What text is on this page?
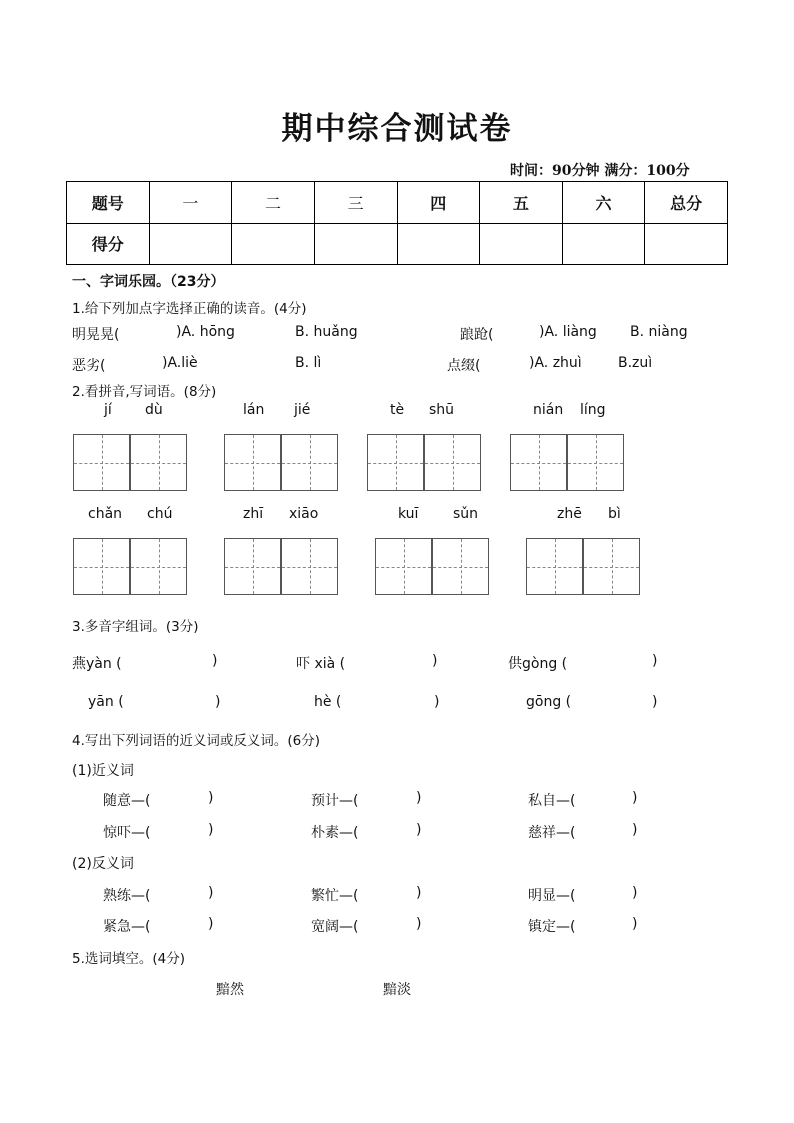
期中综合测试卷
时间：90分钟 满分：100分
题号	一	二	三	四	五	六	总分
得分							
一、字词乐园。（23分）
1.给下列加点字选择正确的读音。(4分)
明晃晃(	)A. hōng	B. huǎng	踉跄(	)A. liàng B. niàng
恶劣(	)A.liè	B. lì	点缀(	)A. zhuì	B.zuì
2.看拼音,写词语。(8分)
jí dù	lán jié	tè shū	nián líng
chǎn chú	zhī xiāo	kuī sǔn	zhē bì
3.多音字组词。(3分)
燕yàn (	)	吓 xià (	)	供gòng (	)
yān (	)	hè (	)	gōng (	)
4.写出下列词语的近义词或反义词。(6分)
(1)近义词
随意—(	)	预计—(	)	私自—(	)
惊吓—(	)	朴素—(	)	慈祥—(	)
(2)反义词
熟练—(	)	繁忙—(	)	明显—(	)
紧急—(	)	宽阔—(	)	镇定—(	)
5.选词填空。(4分)
黯然	黯淡
